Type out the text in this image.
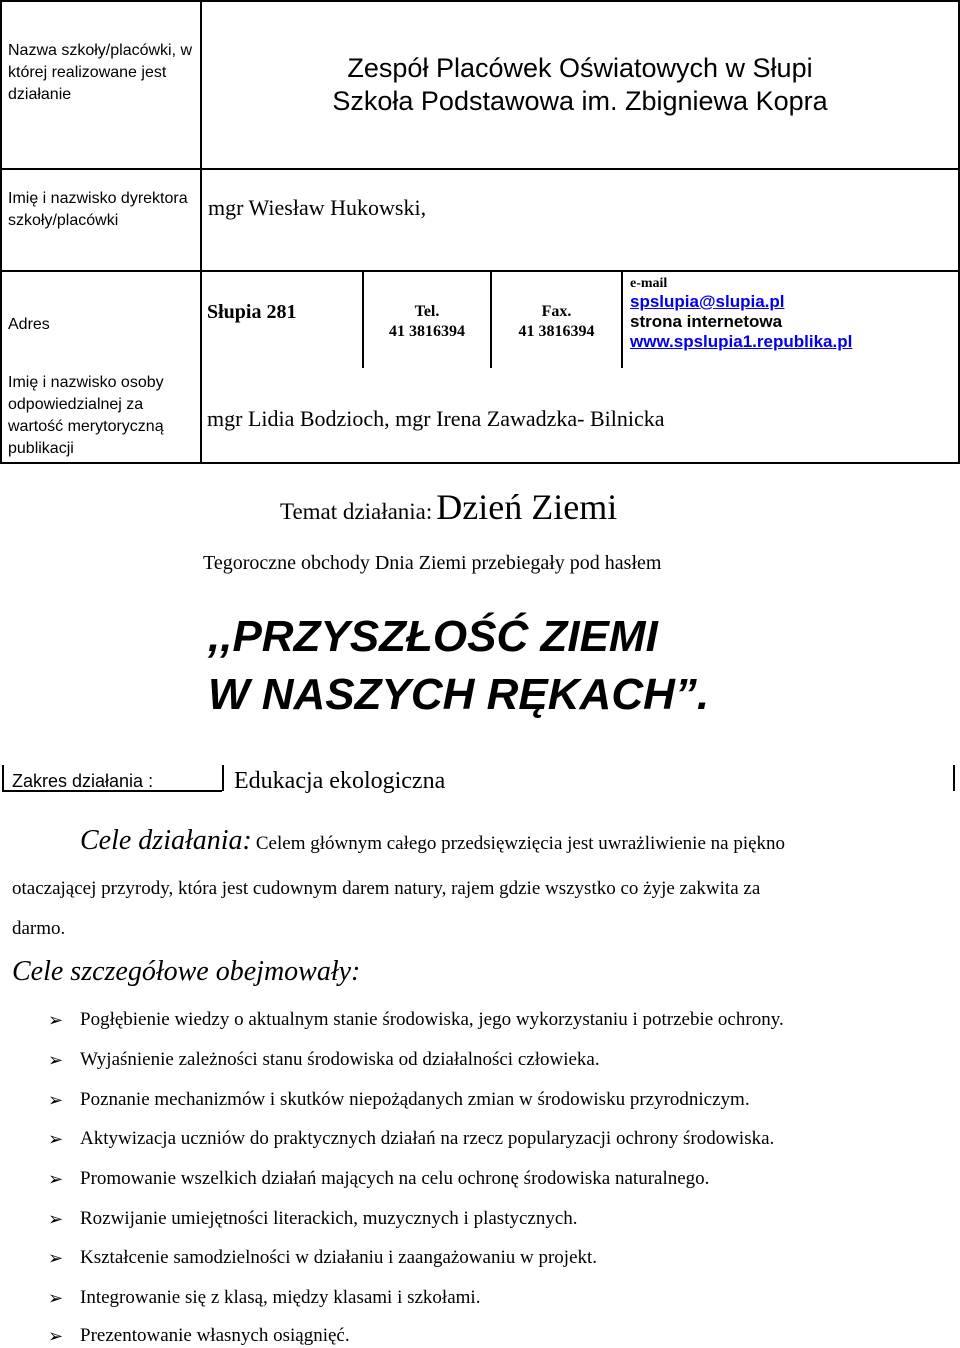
Nazwa szkoły/placówki, w której realizowane jest działanie
Zespół Placówek Oświatowych w Słupi
Szkoła Podstawowa im. Zbigniewa Kopra
Imię i nazwisko dyrektora szkoły/placówki
mgr Wiesław Hukowski,
Adres
Słupia 281	Tel.
41 3816394
Fax.
41 3816394
e-mail
spslupia@slupia.pl
strona internetowa
www.spslupia1.republika.pl
Imię i nazwisko osoby odpowiedzialnej za wartość merytoryczną publikacji
mgr Lidia Bodzioch, mgr Irena Zawadzka- Bilnicka
Temat działania: Dzień Ziemi
Tegoroczne obchody Dnia Ziemi przebiegały pod hasłem
,,PRZYSZŁOŚĆ ZIEMI
W NASZYCH RĘKACH”.
Zakres działania :	Edukacja ekologiczna
Cele działania: Celem głównym całego przedsięwzięcia jest uwrażliwienie na piękno
otaczającej przyrody, która jest cudownym darem natury, rajem gdzie wszystko co żyje zakwita za
darmo.
Cele szczegółowe obejmowały:
➢ Pogłębienie wiedzy o aktualnym stanie środowiska, jego wykorzystaniu i potrzebie ochrony.
➢ Wyjaśnienie zależności stanu środowiska od działalności człowieka.
➢ Poznanie mechanizmów i skutków niepożądanych zmian w środowisku przyrodniczym.
➢ Aktywizacja uczniów do praktycznych działań na rzecz popularyzacji ochrony środowiska.
➢ Promowanie wszelkich działań mających na celu ochronę środowiska naturalnego.
➢ Rozwijanie umiejętności literackich, muzycznych i plastycznych.
➢ Kształcenie samodzielności w działaniu i zaangażowaniu w projekt.
➢ Integrowanie się z klasą, między klasami i szkołami.
➢ Prezentowanie własnych osiągnięć.
